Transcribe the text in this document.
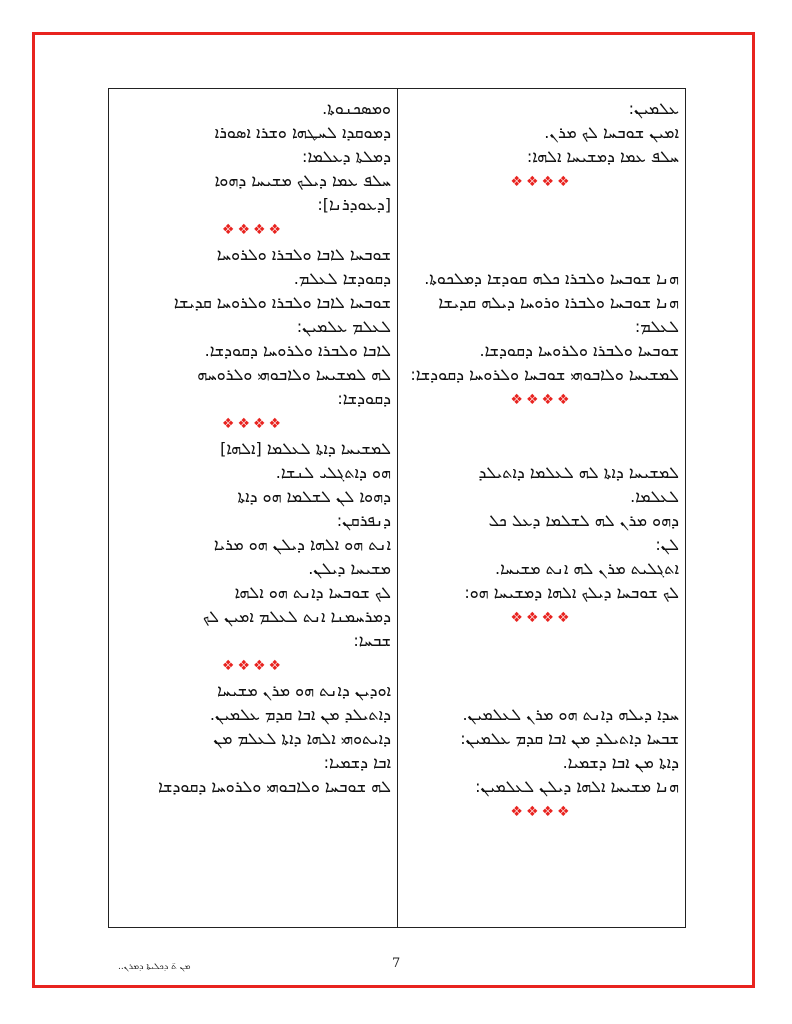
ܘܡܣܟܢܘܬܐ.
ܕܡܘܩܕܐ ܠܚܛܗܐ ܘܫܪܐ ܐܣܘܪܐ
ܕܡܠܬܐ ܕܥܠܡܐ:
ܚܠܦ ܥܡܐ ܕܝܠܟ ܡܫܝܚܐ ܕܗܘܐ
[ܕܥܘܕܪܢܐ]:
❖❖❖❖
ܫܘܒܚܐ ܠܐܒܐ ܘܠܒܪܐ ܘܠܪܘܚܐ
ܕܩܘܕܫܐ ܠܥܠܡ.
ܫܘܒܚܐ ܠܐܒܐ ܘܠܒܪܐ ܘܠܪܘܚܐ ܩܕܝܫܐ
ܠܥܠܡ ܥܠܡܝܢ:
ܠܐܒܐ ܘܠܒܪܐ ܘܠܪܘܚܐ ܕܩܘܕܫܐ.
ܠܗ ܠܡܫܝܚܐ ܘܠܐܒܘܗܝ ܘܠܪܘܚܗ
ܕܩܘܕܫܐ:
❖❖❖❖
ܠܡܫܝܚܐ ܕܐܬܐ ܠܥܠܡܐ [ܐܠܗܐ]
ܗܘ ܕܐܬܓܠܝ ܠܢܫܐ.
ܕܗܘܐ ܠܢ ܠܫܠܡܐ ܗܘ ܕܐܬܐ
ܕܢܦܪܩܢ:
ܐܢܬ ܗܘ ܐܠܗܐ ܕܝܠܢ ܗܘ ܡܪܝܐ
ܡܫܝܚܐ ܕܝܠܢ.
ܠܟ ܫܘܒܚܐ ܕܐܢܬ ܗܘ ܐܠܗܐ
ܕܡܪܚܡܢܐ ܐܢܬ ܠܥܠܡ ܐܡܝܢ ܠܟ
ܫܒܚܐ:
❖❖❖❖
ܐܘܕܝܢ ܕܐܢܬ ܗܘ ܡܪܢ ܡܫܝܚܐ
ܕܐܬܝܠܕ ܡܢ ܐܒܐ ܩܕܡ ܥܠܡܝܢ.
ܕܐܝܬܘܗܝ ܐܠܗܐ ܕܐܬܐ ܠܥܠܡ ܡܢ
ܐܒܐ ܕܫܡܝܐ:
ܠܗ ܫܘܒܚܐ ܘܠܐܒܘܗܝ ܘܠܪܘܚܐ ܕܩܘܕܫܐ
ܥܠܡܝܢ:
ܐܡܝܢ ܫܘܒܚܐ ܠܟ ܡܪܢ.
ܚܠܦ ܥܡܐ ܕܡܫܝܚܐ ܐܠܗܐ:
❖❖❖❖
ܗܢܐ ܫܘܒܚܐ ܘܠܒܪܐ ܟܠܗ ܩܘܕܫܐ ܕܡܠܟܘܬܐ.
ܗܢܐ ܫܘܒܚܐ ܘܠܒܪܐ ܘܪܘܚܐ ܕܝܠܗ ܩܕܝܫܐ
ܠܥܠܡ:
ܫܘܒܚܐ ܘܠܒܪܐ ܘܠܪܘܚܐ ܕܩܘܕܫܐ.
ܠܡܫܝܚܐ ܘܠܐܒܘܗܝ ܫܘܒܚܐ ܘܠܪܘܚܐ ܕܩܘܕܫܐ:
❖❖❖❖
ܠܡܫܝܚܐ ܕܐܬܐ ܠܗ ܠܥܠܡܐ ܕܐܬܝܠܕ
ܠܥܠܡܐ.
ܕܗܘ ܡܪܢ ܠܗ ܠܫܠܡܐ ܕܥܠ ܟܠ
ܠܢ:
ܐܬܓܠܝܬ ܡܪܢ ܠܗ ܐܢܬ ܡܫܝܚܐ.
ܠܟ ܫܘܒܚܐ ܕܝܠܟ ܐܠܗܐ ܕܡܫܝܚܐ ܗܘ:
❖❖❖❖
ܚܕܐ ܕܝܠܗ ܕܐܢܬ ܗܘ ܡܪܢ ܠܥܠܡܝܢ.
ܫܒܚܐ ܕܐܬܝܠܕ ܡܢ ܐܒܐ ܩܕܡ ܥܠܡܝܢ:
ܕܐܬܐ ܡܢ ܐܒܐ ܕܫܡܝܐ.
ܗܢܐ ܡܫܝܚܐ ܐܠܗܐ ܕܝܠܢ ܠܥܠܡܝܢ:
❖❖❖❖
ܡܢ ܬ̈ ܕܟܠܝܬܐ ܕܡܪܢ..	7
